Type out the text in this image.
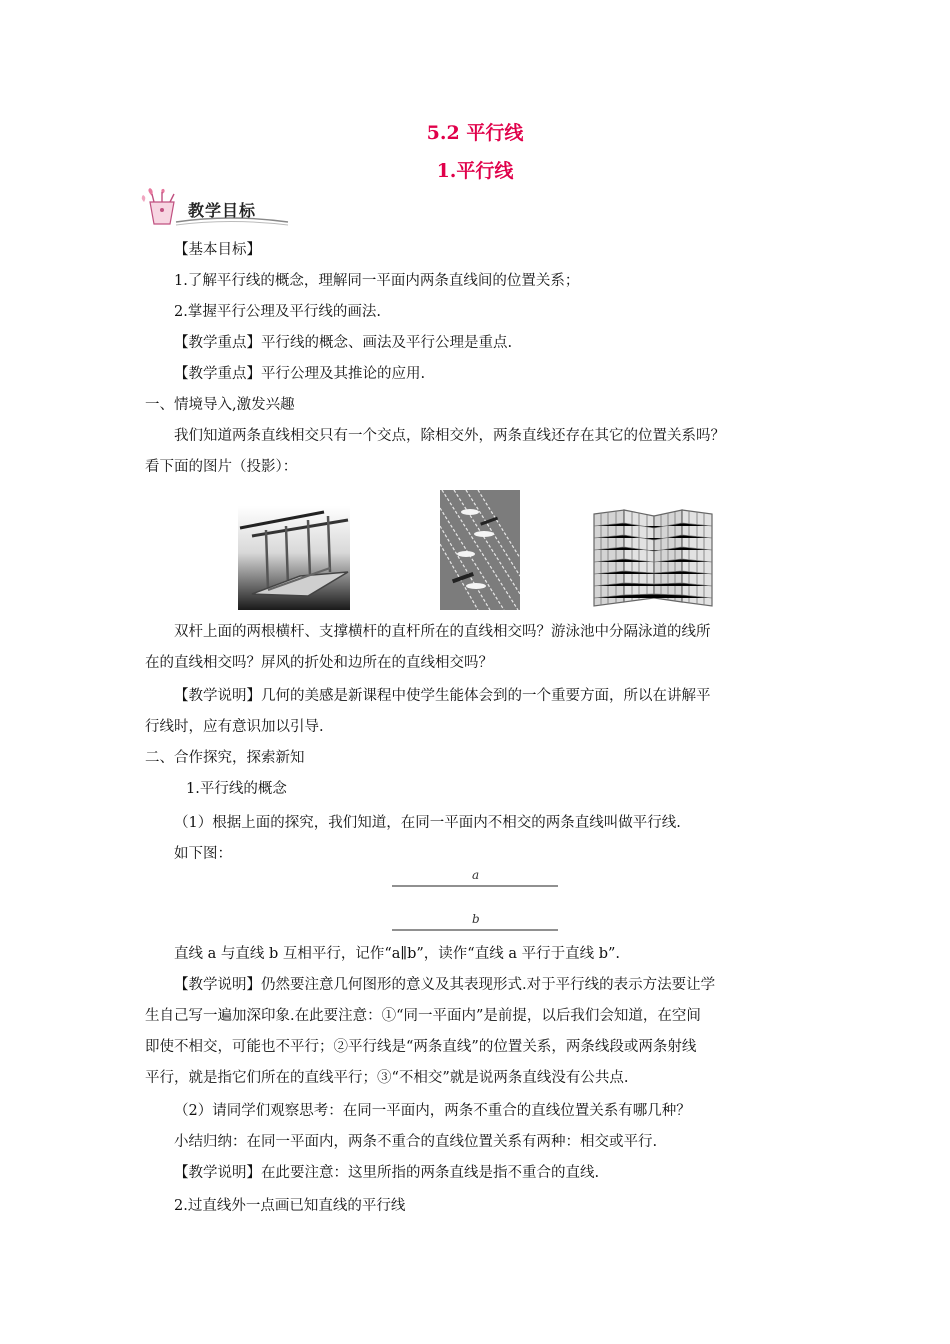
5.2 平行线
1.平行线
教学目标
【基本目标】
1.了解平行线的概念，理解同一平面内两条直线间的位置关系；
2.掌握平行公理及平行线的画法.
【教学重点】平行线的概念、画法及平行公理是重点.
【教学重点】平行公理及其推论的应用.
一、情境导入,激发兴趣
我们知道两条直线相交只有一个交点，除相交外，两条直线还存在其它的位置关系吗？
看下面的图片（投影）：
双杆上面的两根横杆、支撑横杆的直杆所在的直线相交吗？游泳池中分隔泳道的线所
在的直线相交吗？屏风的折处和边所在的直线相交吗？
【教学说明】几何的美感是新课程中使学生能体会到的一个重要方面，所以在讲解平
行线时，应有意识加以引导.
二、合作探究，探索新知
1.平行线的概念
（1）根据上面的探究，我们知道，在同一平面内不相交的两条直线叫做平行线.
如下图：
a
b
直线 a 与直线 b 互相平行，记作“a∥b”，读作“直线 a 平行于直线 b”.
【教学说明】仍然要注意几何图形的意义及其表现形式.对于平行线的表示方法要让学
生自己写一遍加深印象.在此要注意：①“同一平面内”是前提，以后我们会知道，在空间
即使不相交，可能也不平行；②平行线是“两条直线”的位置关系，两条线段或两条射线
平行，就是指它们所在的直线平行；③“不相交”就是说两条直线没有公共点.
（2）请同学们观察思考：在同一平面内，两条不重合的直线位置关系有哪几种？
小结归纳：在同一平面内，两条不重合的直线位置关系有两种：相交或平行.
【教学说明】在此要注意：这里所指的两条直线是指不重合的直线.
2.过直线外一点画已知直线的平行线
